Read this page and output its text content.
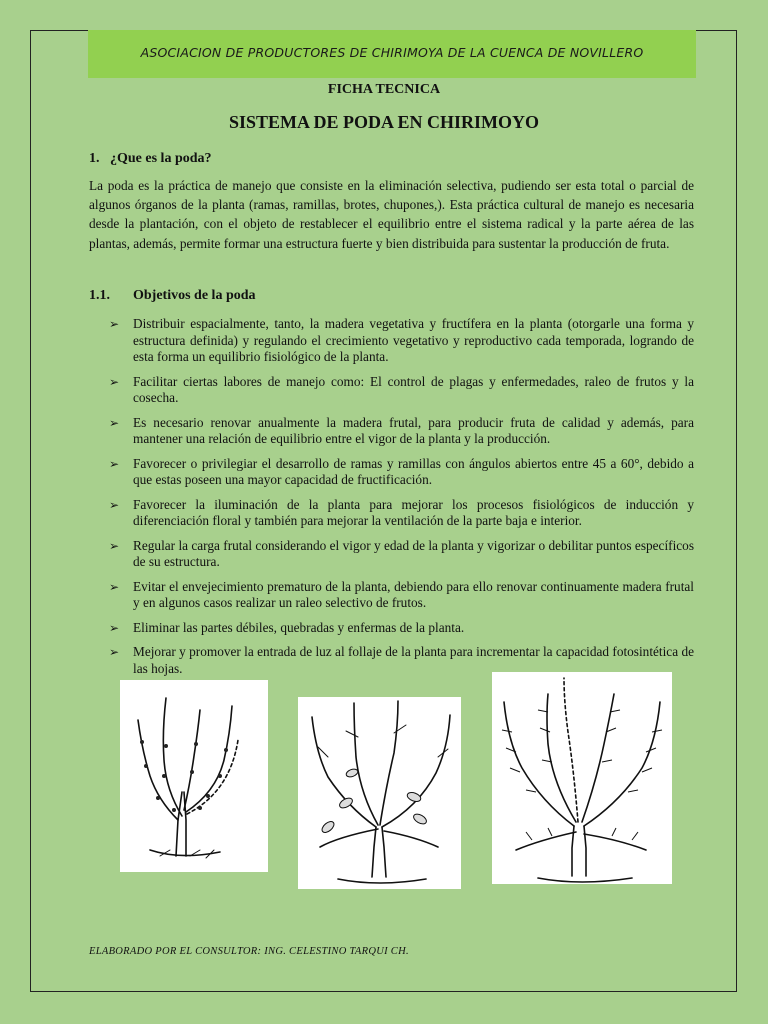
ASOCIACION DE PRODUCTORES DE CHIRIMOYA DE LA CUENCA DE NOVILLERO
FICHA TECNICA
SISTEMA DE PODA EN CHIRIMOYO
1.   ¿Que es la poda?
La poda es la práctica de manejo que consiste en la eliminación selectiva, pudiendo ser esta total o parcial de algunos órganos de la planta (ramas, ramillas, brotes, chupones,). Esta práctica cultural de manejo es necesaria desde la plantación, con el objeto de restablecer el equilibrio entre el sistema radical y la parte aérea de las plantas, además, permite formar una estructura fuerte y bien distribuida para sustentar la producción de fruta.
1.1. Objetivos de la poda
➢ Distribuir espacialmente, tanto, la madera vegetativa y fructífera en la planta (otorgarle una forma y estructura definida) y regulando el crecimiento vegetativo y reproductivo cada temporada, logrando de esta forma un equilibrio fisiológico de la planta.
➢ Facilitar ciertas labores de manejo como: El control de plagas y enfermedades, raleo de frutos y la cosecha.
➢ Es necesario renovar anualmente la madera frutal, para producir fruta de calidad y además, para mantener una relación de equilibrio entre el vigor de la planta y la producción.
➢ Favorecer o privilegiar el desarrollo de ramas y ramillas con ángulos abiertos entre 45 a 60°, debido a que estas poseen una mayor capacidad de fructificación.
➢ Favorecer la iluminación de la planta para mejorar los procesos fisiológicos de inducción y diferenciación floral y también para mejorar la ventilación de la parte baja e interior.
➢ Regular la carga frutal considerando el vigor y edad de la planta y vigorizar o debilitar puntos específicos de su estructura.
➢ Evitar el envejecimiento prematuro de la planta, debiendo para ello renovar continuamente madera frutal y en algunos casos realizar un raleo selectivo de frutos.
➢ Eliminar las partes débiles, quebradas y enfermas de la planta.
➢ Mejorar y promover la entrada de luz al follaje de la planta para incrementar la capacidad fotosintética de las hojas.
ELABORADO POR EL CONSULTOR: ING. CELESTINO TARQUI CH.
